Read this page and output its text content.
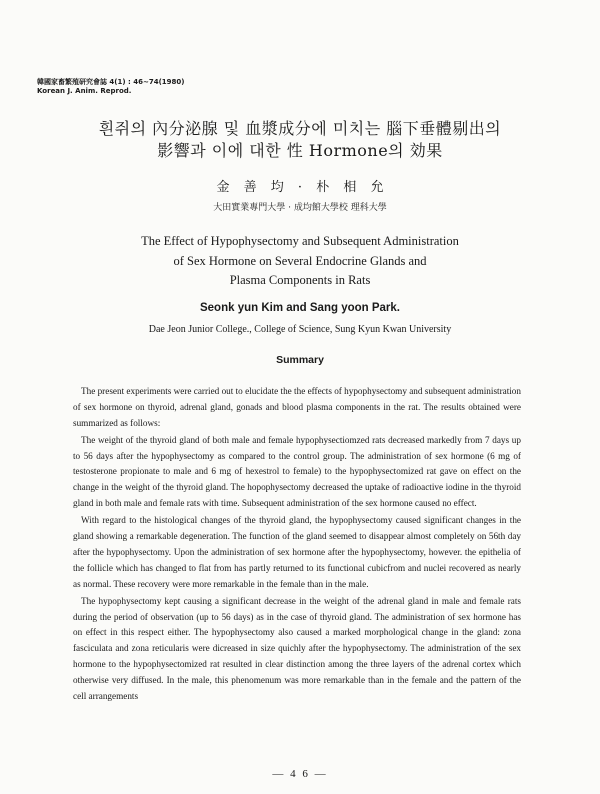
韓國家畜繁殖研究會誌 4(1) : 46~74(1980)
Korean J. Anim. Reprod.
흰쥐의 內分泌腺 및 血漿成分에 미치는 腦下垂體剔出의
影響과 이에 대한 性 Hormone의 効果
金 善 均 · 朴 相 允
大田實業專門大學 · 成均館大學校 理科大學
The Effect of Hypophysectomy and Subsequent Administration
of Sex Hormone on Several Endocrine Glands and
Plasma Components in Rats
Seonk yun Kim and Sang yoon Park.
Dae Jeon Junior College., College of Science, Sung Kyun Kwan University
Summary

The present experiments were carried out to elucidate the the effects of hypophysectomy and subsequent administration of sex hormone on thyroid, adrenal gland, gonads and blood plasma components in the rat. The results obtained were summarized as follows:

The weight of the thyroid gland of both male and female hypophysectiomzed rats decreased markedly from 7 days up to 56 days after the hypophysectomy as compared to the control group. The administration of sex hormone (6 mg of testosterone propionate to male and 6 mg of hexestrol to female) to the hypophysectomized rat gave on effect on the change in the weight of the thyroid gland. The hopophysectomy decreased the uptake of radioactive iodine in the thyroid gland in both male and female rats with time. Subsequent administration of the sex hormone caused no effect.

With regard to the histological changes of the thyroid gland, the hypophysectomy caused significant changes in the gland showing a remarkable degeneration. The function of the gland seemed to disappear almost completely on 56th day after the hypophysectomy. Upon the administration of sex hormone after the hypophysectomy, however. the epithelia of the follicle which has changed to flat from has partly returned to its functional cubicfrom and nuclei recovered as nearly as normal. These recovery were more remarkable in the female than in the male.

The hypophysectomy kept causing a significant decrease in the weight of the adrenal gland in male and female rats during the period of observation (up to 56 days) as in the case of thyroid gland. The administration of sex hormone has on effect in this respect either. The hypophysectomy also caused a marked morphological change in the gland: zona fasciculata and zona reticularis were dicreased in size quichly after the hypophysectomy. The administration of the sex hormone to the hypophysectomized rat resulted in clear distinction among the three layers of the adrenal cortex which otherwise very diffused. In the male, this phenomenum was more remarkable than in the female and the pattern of the cell arrangements

— 4 6 —
